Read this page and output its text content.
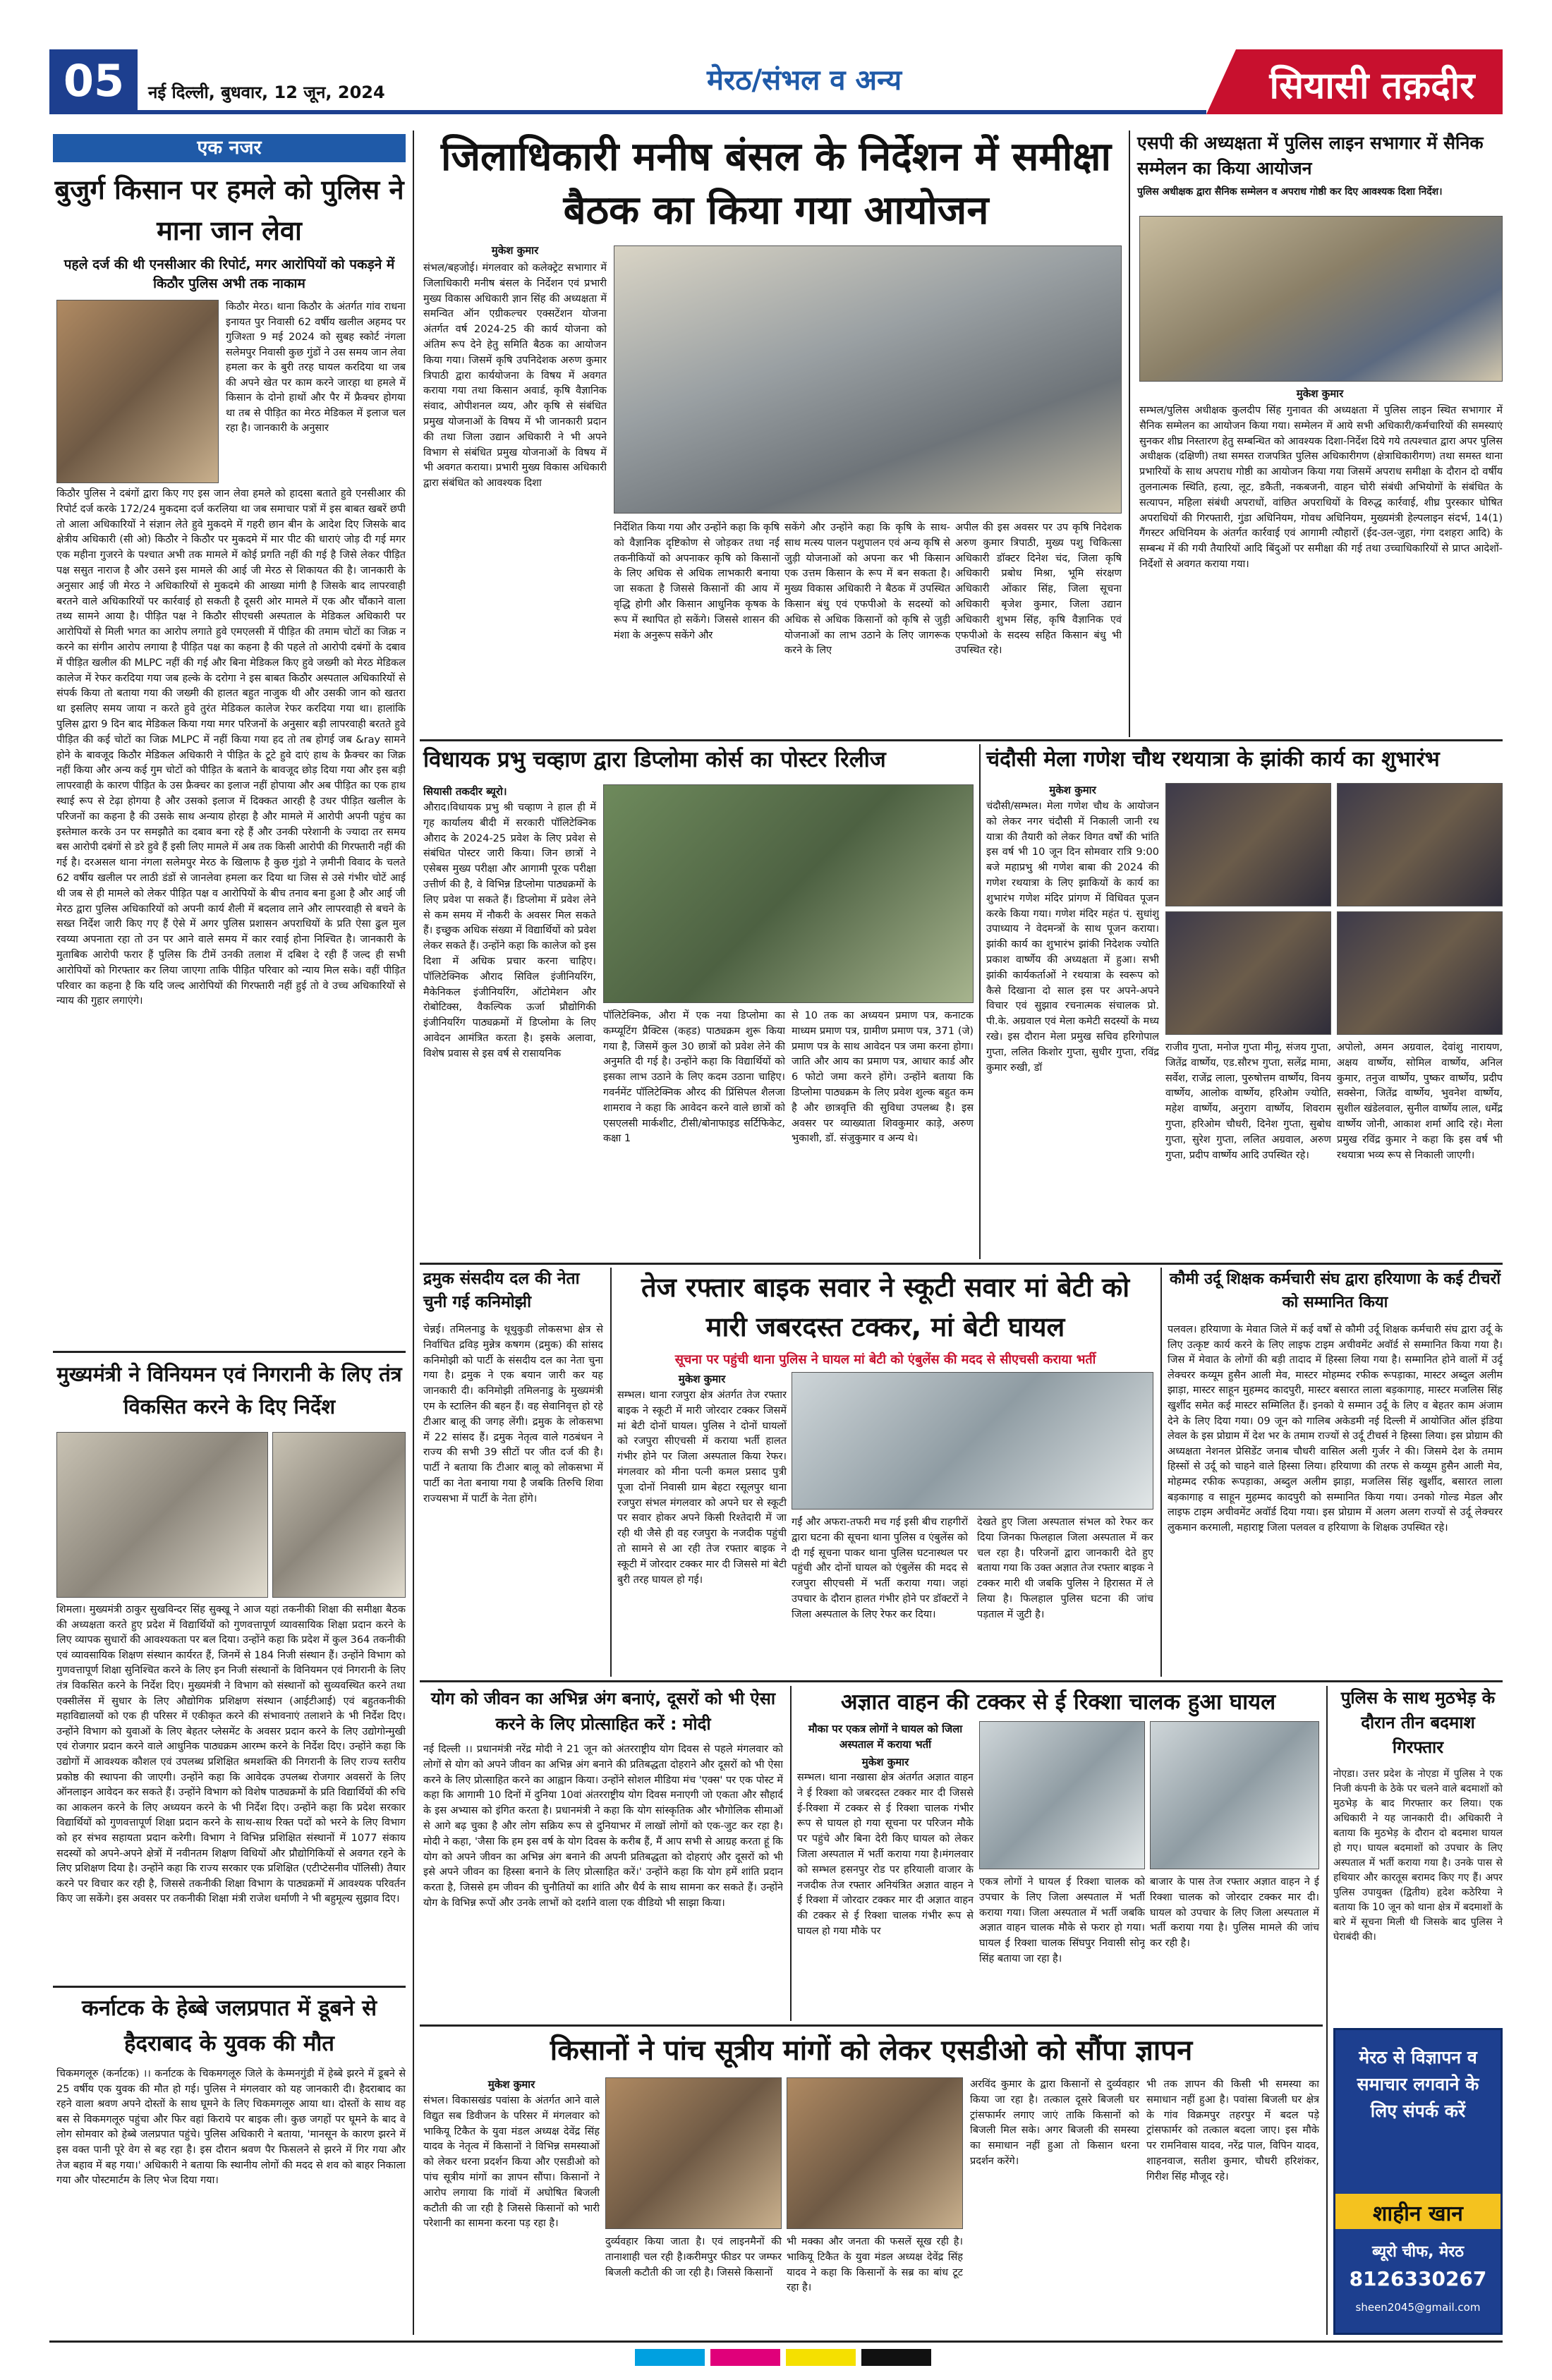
05	नई दिल्ली, बुधवार, 12 जून, 2024	मेरठ/संभल व अन्य	सियासी तक़दीर
एक नजर
बुजुर्ग किसान पर हमले को पुलिस ने माना जान लेवा
पहले दर्ज की थी एनसीआर की रिपोर्ट, मगर आरोपियों को पकड़ने में किठौर पुलिस अभी तक नाकाम
किठौर मेरठ। थाना किठौर के अंतर्गत गांव राधना इनायत पुर निवासी 62 वर्षीय खलील अहमद पर गुजिश्ता 9 मई 2024 को सुबह स्कोर्ट नंगला सलेमपुर निवासी कुछ गुंडों ने उस समय जान लेवा हमला कर के बुरी तरह घायल करदिया था जब की अपने खेत पर काम करने जारहा था हमले में किसान के दोनो हाथों और पैर में फ्रैक्चर होगया था तब से पीड़ित का मेरठ मेडिकल में इलाज चल रहा है। जानकारी के अनुसार
किठौर पुलिस ने दबंगों द्वारा किए गए इस जान लेवा हमले को हादसा बताते हुवे एनसीआर की रिपोर्ट दर्ज करके 172/24 मुकदमा दर्ज करलिया था जब समाचार पत्रों में इस बाबत खबरें छपी तो आला अधिकारियों ने संज्ञान लेते हुवे मुकदमे में गहरी छान बीन के आदेश दिए जिसके बाद क्षेत्रीय अधिकारी (सी ओ) किठौर ने किठौर पर मुकदमे में मार पीट की धाराएं जोड़ दी गई मगर एक महीना गुजरने के पश्चात अभी तक मामले में कोई प्रगति नहीं की गई है जिसे लेकर पीड़ित पक्ष ससुत नाराज है और उसने इस मामले की आई जी मेरठ से शिकायत की है। जानकारी के अनुसार आई जी मेरठ ने अधिकारियों से मुकदमे की आख्या मांगी है जिसके बाद लापरवाही बरतने वाले अधिकारियों पर कार्रवाई हो सकती है दूसरी ओर मामले में एक और चौंकाने वाला तथ्य सामने आया है। पीड़ित पक्ष ने किठौर सीएचसी अस्पताल के मेडिकल अधिकारी पर आरोपियों से मिली भगत का आरोप लगाते हुवे एमएलसी में पीड़ित की तमाम चोटों का जिक्र न करने का संगीन आरोप लगाया है पीड़ित पक्ष का कहना है की पहले तो आरोपी दबंगों के दबाव में पीड़ित खलील की MLPC नहीं की गई और बिना मेडिकल किए हुवे जख्मी को मेरठ मेडिकल कालेज में रेफर करदिया गया जब हल्के के दरोगा ने इस बाबत किठौर अस्पताल अधिकारियों से संपर्क किया तो बताया गया की जख्मी की हालत बहुत नाजुक थी और उसकी जान को खतरा था इसलिए समय जाया न करते हुवे तुरंत मेडिकल कालेज रेफर करदिया गया था। हालांकि पुलिस द्वारा 9 दिन बाद मेडिकल किया गया मगर परिजनों के अनुसार बड़ी लापरवाही बरतते हुवे पीड़ित की कई चोटों का जिक्र MLPC में नहीं किया गया हद तो तब होगई जब &ray सामने होने के बावजूद किठौर मेडिकल अधिकारी ने पीड़ित के टूटे हुवे दाएं हाथ के फ्रैक्चर का जिक्र नहीं किया और अन्य कई गुम चोटों को पीड़ित के बताने के बावजूद छोड़ दिया गया और इस बड़ी लापरवाही के कारण पीड़ित के उस फ्रैक्चर का इलाज नहीं होपाया और अब पीड़ित का एक हाथ स्थाई रूप से टेढ़ा होगया है और उसको इलाज में दिक्कत आरही है उधर पीड़ित खलील के परिजनों का कहना है की उसके साथ अन्याय होरहा है और मामले में आरोपी अपनी पहुंच का इस्तेमाल करके उन पर समझौते का दबाव बना रहे हैं और उनकी परेशानी के ज्यादा तर समय बस आरोपी दबंगों से डरे हुवे हैं इसी लिए मामले में अब तक किसी आरोपी की गिरफ्तारी नहीं की गई है। दरअसल थाना नंगला सलेमपुर मेरठ के खिलाफ है कुछ गुंडो ने ज़मीनी विवाद के चलते 62 वर्षीय खलील पर लाठी डंडों से जानलेवा हमला कर दिया था जिस से उसे गंभीर चोटें आई थी जब से ही मामले को लेकर पीड़ित पक्ष व आरोपियों के बीच तनाव बना हुआ है और आई जी मेरठ द्वारा पुलिस अधिकारियों को अपनी कार्य शैली में बदलाव लाने और लापरवाही से बचने के सख्त निर्देश जारी किए गए हैं ऐसे में अगर पुलिस प्रशासन अपराधियों के प्रति ऐसा ढुल मुल रवय्या अपनाता रहा तो उन पर आने वाले समय में कार रवाई होना निश्चित है। जानकारी के मुताबिक आरोपी फरार हैं पुलिस कि टीमें उनकी तलाश में दबिश दे रही हैं जल्द ही सभी आरोपियों को गिरफ्तार कर लिया जाएगा ताकि पीड़ित परिवार को न्याय मिल सके। वहीं पीड़ित परिवार का कहना है कि यदि जल्द आरोपियों की गिरफ्तारी नहीं हुई तो वे उच्च अधिकारियों से न्याय की गुहार लगाएंगे।
मुख्यमंत्री ने विनियमन एवं निगरानी के लिए तंत्र विकसित करने के दिए निर्देश
शिमला। मुख्यमंत्री ठाकुर सुखविन्दर सिंह सुक्खू ने आज यहां तकनीकी शिक्षा की समीक्षा बैठक की अध्यक्षता करते हुए प्रदेश में विद्यार्थियों को गुणवत्तापूर्ण व्यावसायिक शिक्षा प्रदान करने के लिए व्यापक सुधारों की आवश्यकता पर बल दिया। उन्होंने कहा कि प्रदेश में कुल 364 तकनीकी एवं व्यावसायिक शिक्षण संस्थान कार्यरत हैं, जिनमें से 184 निजी संस्थान हैं। उन्होंने विभाग को गुणवत्तापूर्ण शिक्षा सुनिश्चित करने के लिए इन निजी संस्थानों के विनियमन एवं निगरानी के लिए तंत्र विकसित करने के निर्देश दिए। मुख्यमंत्री ने विभाग को संस्थानों को सुव्यवस्थित करने तथा एक्सीलेंस में सुधार के लिए औद्योगिक प्रशिक्षण संस्थान (आईटीआई) एवं बहुतकनीकी महाविद्यालयों को एक ही परिसर में एकीकृत करने की संभावनाएं तलाशने के भी निर्देश दिए। उन्होंने विभाग को युवाओं के लिए बेहतर प्लेसमेंट के अवसर प्रदान करने के लिए उद्योगोन्मुखी एवं रोजगार प्रदान करने वाले आधुनिक पाठ्यक्रम आरम्भ करने के निर्देश दिए। उन्होंने कहा कि उद्योगों में आवश्यक कौशल एवं उपलब्ध प्रशिक्षित श्रमशक्ति की निगरानी के लिए राज्य स्तरीय प्रकोष्ठ की स्थापना की जाएगी। उन्होंने कहा कि आवेदक उपलब्ध रोजगार अवसरों के लिए ऑनलाइन आवेदन कर सकते हैं। उन्होंने विभाग को विशेष पाठ्यक्रमों के प्रति विद्यार्थियों की रुचि का आकलन करने के लिए अध्ययन करने के भी निर्देश दिए। उन्होंने कहा कि प्रदेश सरकार विद्यार्थियों को गुणवत्तापूर्ण शिक्षा प्रदान करने के साथ-साथ रिक्त पदों को भरने के लिए विभाग को हर संभव सहायता प्रदान करेगी। विभाग ने विभिन्न प्रशिक्षित संस्थानों में 1077 संकाय सदस्यों को अपने-अपने क्षेत्रों में नवीनतम शिक्षण विधियों और प्रौद्योगिकियों से अवगत रहने के लिए प्रशिक्षण दिया है। उन्होंने कहा कि राज्य सरकार एक प्रशिक्षित (एटीप्टेसनीव पॉलिसी) तैयार करने पर विचार कर रही है, जिससे तकनीकी शिक्षा विभाग के पाठ्यक्रमों में आवश्यक परिवर्तन किए जा सकेंगे। इस अवसर पर तकनीकी शिक्षा मंत्री राजेश धर्माणी ने भी बहुमूल्य सुझाव दिए।
कर्नाटक के हेब्बे जलप्रपात में डूबने से हैदराबाद के युवक की मौत
चिकमगलूरु (कर्नाटक) ।। कर्नाटक के चिकमगलूरु जिले के केम्मनगुंडी में हेब्बे झरने में डूबने से 25 वर्षीय एक युवक की मौत हो गई। पुलिस ने मंगलवार को यह जानकारी दी। हैदराबाद का रहने वाला श्रवण अपने दोस्तों के साथ घूमने के लिए चिकमगलूरु आया था। दोस्तों के साथ वह बस से विकमगलूरु पहुंचा और फिर वहां किराये पर बाइक ली। कुछ जगहों पर घूमने के बाद वे लोग सोमवार को हेब्बे जलप्रपात पहुंचे। पुलिस अधिकारी ने बताया, 'मानसून के कारण झरने में इस वक्त पानी पूरे वेग से बह रहा है। इस दौरान श्रवण पैर फिसलने से झरने में गिर गया और तेज बहाव में बह गया।' अधिकारी ने बताया कि स्थानीय लोगों की मदद से शव को बाहर निकाला गया और पोस्टमार्टम के लिए भेज दिया गया।
जिलाधिकारी मनीष बंसल के निर्देशन में समीक्षा बैठक का किया गया आयोजन
मुकेश कुमार
संभल/बहजोई। मंगलवार को कलेक्ट्रेट सभागार में जिलाधिकारी मनीष बंसल के निर्देशन एवं प्रभारी मुख्य विकास अधिकारी ज्ञान सिंह की अध्यक्षता में समन्वित ऑन एग्रीकल्चर एक्सटेंशन योजना अंतर्गत वर्ष 2024-25 की कार्य योजना को अंतिम रूप देने हेतु समिति बैठक का आयोजन किया गया। जिसमें कृषि उपनिदेशक अरुण कुमार त्रिपाठी द्वारा कार्ययोजना के विषय में अवगत कराया गया तथा किसान अवार्ड, कृषि वैज्ञानिक संवाद, ओपीशनल व्यय, और कृषि से संबंधित प्रमुख योजनाओं के विषय में भी जानकारी प्रदान की तथा जिला उद्यान अधिकारी ने भी अपने विभाग से संबंधित प्रमुख योजनाओं के विषय में भी अवगत कराया। प्रभारी मुख्य विकास अधिकारी द्वारा संबंधित को आवश्यक दिशा
निर्देशित किया गया और उन्होंने कहा कि कृषि को वैज्ञानिक दृष्टिकोण से जोड़कर तथा नई तकनीकियों को अपनाकर कृषि को किसानों के लिए अधिक से अधिक लाभकारी बनाया जा सकता है जिससे किसानों की आय में वृद्धि होगी और किसान आधुनिक कृषक के रूप में स्थापित हो सकेंगे। जिससे शासन की मंशा के अनुरूप सकेंगे और
सकेंगे और उन्होंने कहा कि कृषि के साथ-साथ मत्स्य पालन पशुपालन एवं अन्य कृषि से जुड़ी योजनाओं को अपना कर भी किसान एक उत्तम किसान के रूप में बन सकता है। मुख्य विकास अधिकारी ने बैठक में उपस्थित किसान बंधु एवं एफपीओ के सदस्यों को अधिक से अधिक किसानों को कृषि से जुड़ी योजनाओं का लाभ उठाने के लिए जागरूक करने के लिए
अपील की इस अवसर पर उप कृषि निदेशक अरुण कुमार त्रिपाठी, मुख्य पशु चिकित्सा अधिकारी डॉक्टर दिनेश चंद, जिला कृषि अधिकारी प्रबोध मिश्रा, भूमि संरक्षण अधिकारी ओंकार सिंह, जिला सूचना अधिकारी बृजेश कुमार, जिला उद्यान अधिकारी शुभम सिंह, कृषि वैज्ञानिक एवं एफपीओ के सदस्य सहित किसान बंधु भी उपस्थित रहे।
एसपी की अध्यक्षता में पुलिस लाइन सभागार में सैनिक सम्मेलन का किया आयोजन
पुलिस अधीक्षक द्वारा सैनिक सम्मेलन व अपराध गोष्ठी कर दिए आवश्यक दिशा निर्देश।
मुकेश कुमार
सम्भल/पुलिस अधीक्षक कुलदीप सिंह गुनावत की अध्यक्षता में पुलिस लाइन स्थित सभागार में सैनिक सम्मेलन का आयोजन किया गया। सम्मेलन में आये सभी अधिकारी/कर्मचारियों की समस्याएं सुनकर शीघ्र निस्तारण हेतु सम्बन्धित को आवश्यक दिशा-निर्देश दिये गये तत्पश्चात द्वारा अपर पुलिस अधीक्षक (दक्षिणी) तथा समस्त राजपत्रित पुलिस अधिकारीगण (क्षेत्राधिकारीगण) तथा समस्त थाना प्रभारियों के साथ अपराध गोष्ठी का आयोजन किया गया जिसमें अपराध समीक्षा के दौरान दो वर्षीय तुलनात्मक स्थिति, हत्या, लूट, डकैती, नकबजनी, वाहन चोरी संबंधी अभियोगों के संबंधित के सत्यापन, महिला संबंधी अपराधों, वांछित अपराधियों के विरुद्ध कार्रवाई, शीघ्र पुरस्कार घोषित अपराधियों की गिरफ्तारी, गुंडा अधिनियम, गोवध अधिनियम, मुख्यमंत्री हेल्पलाइन संदर्भ, 14(1) गैंगस्टर अधिनियम के अंतर्गत कार्रवाई एवं आगामी त्यौहारों (ईद-उल-जुहा, गंगा दशहरा आदि) के सम्बन्ध में की गयी तैयारियों आदि बिंदुओं पर समीक्षा की गई तथा उच्चाधिकारियों से प्राप्त आदेशों-निर्देशों से अवगत कराया गया।
विधायक प्रभु चव्हाण द्वारा डिप्लोमा कोर्स का पोस्टर रिलीज
सियासी तकदीर ब्यूरो।
औराद।विधायक प्रभु श्री चव्हाण ने हाल ही में गृह कार्यालय बीदी में सरकारी पॉलिटेक्निक औराद के 2024-25 प्रवेश के लिए प्रवेश से संबंधित पोस्टर जारी किया। जिन छात्रों ने एसेबस मुख्य परीक्षा और आगामी पूरक परीक्षा उत्तीर्ण की है, वे विभिन्न डिप्लोमा पाठ्यक्रमों के लिए प्रवेश पा सकते हैं। डिप्लोमा में प्रवेश लेने से कम समय में नौकरी के अवसर मिल सकते हैं। इच्छुक अधिक संख्या में विद्यार्थियों को प्रवेश लेकर सकते हैं। उन्होंने कहा कि कालेज को इस दिशा में अधिक प्रचार करना चाहिए। पॉलिटेक्निक औराद सिविल इंजीनियरिंग, मैकेनिकल इंजीनियरिंग, ऑटोमेशन और रोबोटिक्स, वैकल्पिक ऊर्जा प्रौद्योगिकी इंजीनियरिंग पाठ्यक्रमों में डिप्लोमा के लिए आवेदन आमंत्रित करता है। इसके अलावा, विशेष प्रवास से इस वर्ष से रासायनिक
पॉलिटेक्निक, औरा में एक नया डिप्लोमा का कम्प्यूटिंग प्रैक्टिस (कहड) पाठ्यक्रम शुरू किया गया है, जिसमें कुल 30 छात्रों को प्रवेश लेने की अनुमति दी गई है। उन्होंने कहा कि विद्यार्थियों को इसका लाभ उठाने के लिए कदम उठाना चाहिए। गवर्नमेंट पॉलिटेक्निक औरद की प्रिंसिपल शैलजा शामराव ने कहा कि आवेदन करने वाले छात्रों को एसएलसी मार्कशीट, टीसी/बोनाफाइड सर्टिफिकेट, कक्षा 1
से 10 तक का अध्ययन प्रमाण पत्र, कनाटक माध्यम प्रमाण पत्र, ग्रामीण प्रमाण पत्र, 371 (जे) प्रमाण पत्र के साथ आवेदन पत्र जमा करना होगा। जाति और आय का प्रमाण पत्र, आधार कार्ड और 6 फोटो जमा करने होंगे। उन्होंने बताया कि डिप्लोमा पाठ्यक्रम के लिए प्रवेश शुल्क बहुत कम है और छात्रवृत्ति की सुविधा उपलब्ध है। इस अवसर पर व्याख्याता शिवकुमार काड़े, अरुण भुकाशी, डॉ. संजुकुमार व अन्य थे।
चंदौसी मेला गणेश चौथ रथयात्रा के झांकी कार्य का शुभारंभ
मुकेश कुमार
चंदौसी/सम्भल। मेला गणेश चौथ के आयोजन को लेकर नगर चंदौसी में निकाली जानी रथ यात्रा की तैयारी को लेकर विगत वर्षों की भांति इस वर्ष भी 10 जून दिन सोमवार रात्रि 9:00 बजे महाप्रभु श्री गणेश बाबा की 2024 की गणेश रथयात्रा के लिए झाकियों के कार्य का शुभारंभ गणेश मंदिर प्रांगण में विधिवत पूजन करके किया गया। गणेश मंदिर महंत पं. सुधांशु उपाध्याय ने वेदमन्त्रों के साथ पूजन कराया। झांकी कार्य का शुभारंभ झांकी निदेशक ज्योति प्रकाश वार्ष्णेय की अध्यक्षता में हुआ। सभी झांकी कार्यकर्ताओं ने रथयात्रा के स्वरूप को कैसे दिखाना दो साल इस पर अपने-अपने विचार एवं सुझाव रचनात्मक संचालक प्रो. पी.के. अग्रवाल एवं मेला कमेटी सदस्यों के मध्य रखे। इस दौरान मेला प्रमुख सचिव हरिगोपाल गुप्ता, ललित किशोर गुप्ता, सुधीर गुप्ता, रविंद्र कुमार रुखी, डॉ
राजीव गुप्ता, मनोज गुप्ता मीनू, संजय गुप्ता, जितेंद्र वार्ष्णेय, एड.सौरभ गुप्ता, सलेंद्र मामा, सर्वेश, राजेंद्र लाला, पुरुषोत्तम वार्ष्णेय, विनय वार्ष्णेय, आलोक वार्ष्णेय, हरिओम ज्योति, महेश वार्ष्णेय, अनुराग वार्ष्णेय, शिवराम गुप्ता, हरिओम चौधरी, दिनेश गुप्ता, सुबोध गुप्ता, सुरेश गुप्ता, ललित अग्रवाल, अरुण गुप्ता, प्रदीप वार्ष्णेय आदि उपस्थित रहे।
अपोलो, अमन अग्रवाल, देवांशु नारायण, अक्षय वार्ष्णेय, सोमिल वार्ष्णेय, अनिल कुमार, तनुज वार्ष्णेय, पुष्कर वार्ष्णेय, प्रदीप सक्सेना, जितेंद्र वार्ष्णेय, भुवनेश वार्ष्णेय, सुशील खंडेलवाल, सुनील वार्ष्णेय लाल, धर्मेंद्र वार्ष्णेय जोनी, आकाश शर्मा आदि रहे। मेला प्रमुख रविंद्र कुमार ने कहा कि इस वर्ष भी रथयात्रा भव्य रूप से निकाली जाएगी।
द्रमुक संसदीय दल की नेता चुनी गई कनिमोझी
चेन्नई। तमिलनाडु के थूथुकुडी लोकसभा क्षेत्र से निर्वाचित द्रविड़ मुन्नेत्र कषगम (द्रमुक) की सांसद कनिमोझी को पार्टी के संसदीय दल का नेता चुना गया है। द्रमुक ने एक बयान जारी कर यह जानकारी दी। कनिमोझी तमिलनाडु के मुख्यमंत्री एम के स्टालिन की बहन हैं। वह सेवानिवृत्त हो रहे टीआर बालू की जगह लेंगी। द्रमुक के लोकसभा में 22 सांसद हैं। द्रमुक नेतृत्व वाले गठबंधन ने राज्य की सभी 39 सीटों पर जीत दर्ज की है। पार्टी ने बताया कि टीआर बालू को लोकसभा में पार्टी का नेता बनाया गया है जबकि तिरुचि शिवा राज्यसभा में पार्टी के नेता होंगे।
तेज रफ्तार बाइक सवार ने स्कूटी सवार मां बेटी को मारी जबरदस्त टक्कर, मां बेटी घायल
सूचना पर पहुंची थाना पुलिस ने घायल मां बेटी को एंबुलेंस की मदद से सीएचसी कराया भर्ती
मुकेश कुमार
सम्भल। थाना रजपुरा क्षेत्र अंतर्गत तेज रफ्तार बाइक ने स्कूटी में मारी जोरदार टक्कर जिसमें मां बेटी दोनों घायल। पुलिस ने दोनों घायलों को रजपुरा सीएचसी में कराया भर्ती हालत गंभीर होने पर जिला अस्पताल किया रेफर।मंगलवार को मीना पत्नी कमल प्रसाद पुत्री पूजा दोनों निवासी ग्राम बेहटा रसूलपुर थाना रजपुरा संभल मंगलवार को अपने घर से स्कूटी पर सवार होकर अपने किसी रिश्तेदारी में जा रही थी जैसे ही वह रजपुरा के नजदीक पहुंची तो सामने से आ रही तेज रफ्तार बाइक ने स्कूटी में जोरदार टक्कर मार दी जिससे मां बेटी बुरी तरह घायल हो गई।
गईं और अफरा-तफरी मच गई इसी बीच राहगीरों द्वारा घटना की सूचना थाना पुलिस व एंबुलेंस को दी गई सूचना पाकर थाना पुलिस घटनास्थल पर पहुंची और दोनों घायल को एंबुलेंस की मदद से रजपुरा सीएचसी में भर्ती कराया गया। जहां उपचार के दौरान हालत गंभीर होने पर डॉक्टरों ने जिला अस्पताल के लिए रेफर कर दिया।
देखते हुए जिला अस्पताल संभल को रेफर कर दिया जिनका फिलहाल जिला अस्पताल में कर चल रहा है। परिजनों द्वारा जानकारी देते हुए बताया गया कि उक्त अज्ञात तेज रफ्तार बाइक ने टक्कर मारी थी जबकि पुलिस ने हिरासत में ले लिया है। फिलहाल पुलिस घटना की जांच पड़ताल में जुटी है।
कौमी उर्दू शिक्षक कर्मचारी संघ द्वारा हरियाणा के कई टीचरों को सम्मानित किया
पलवल। हरियाणा के मेवात जिले में कई वर्षों से कौमी उर्दू शिक्षक कर्मचारी संघ द्वारा उर्दू के लिए उत्कृष्ट कार्य करने के लिए लाइफ टाइम अचीवमेंट अवॉर्ड से सम्मानित किया गया है। जिस में मेवात के लोगों की बड़ी तादाद में हिस्सा लिया गया है। सम्मानित होने वालों में उर्दू लेक्चरर कय्यूम हुसैन आली मेव, मास्टर मोहम्मद रफीक रूपड़ाका, मास्टर अब्दुल अलीम झाड़ा, मास्टर साहून मुहम्मद कादपुरी, मास्टर बसारत लाला बड़कागाह, मास्टर मजलिस सिंह खुर्शीद समेत कई मास्टर सम्मिलित हैं। इनको ये सम्मान उर्दू के लिए व बेहतर काम अंजाम देने के लिए दिया गया। 09 जून को गालिब अकेडमी नई दिल्ली में आयोजित ऑल इंडिया लेवल के इस प्रोग्राम में देश भर के तमाम राज्यों से उर्दू टीचर्स ने हिस्सा लिया। इस प्रोग्राम की अध्यक्षता नेशनल प्रेसिडेंट जनाब चौधरी वासिल अली गुर्जर ने की। जिसमे देश के तमाम हिस्सों से उर्दू को चाहने वाले हिस्सा लिया। हरियाणा की तरफ से कय्यूम हुसैन आली मेव, मोहम्मद रफीक रूपड़ाका, अब्दुल अलीम झाड़ा, मजलिस सिंह खुर्शीद, बसारत लाला बड़कागाह व साहून मुहम्मद कादपुरी को सम्मानित किया गया। उनको गोल्ड मेडल और लाइफ टाइम अचीवमेंट अवॉर्ड दिया गया। इस प्रोग्राम में अलग अलग राज्यों से उर्दू लेक्चरर लुकमान करमाली, महाराष्ट्र जिला पलवल व हरियाणा के शिक्षक उपस्थित रहे।
योग को जीवन का अभिन्न अंग बनाएं, दूसरों को भी ऐसा करने के लिए प्रोत्साहित करें : मोदी
नई दिल्ली ।। प्रधानमंत्री नरेंद्र मोदी ने 21 जून को अंतरराष्ट्रीय योग दिवस से पहले मंगलवार को लोगों से योग को अपने जीवन का अभिन्न अंग बनाने की प्रतिबद्धता दोहराने और दूसरों को भी ऐसा करने के लिए प्रोत्साहित करने का आह्वान किया। उन्होंने सोशल मीडिया मंच 'एक्स' पर एक पोस्ट में कहा कि आगामी 10 दिनों में दुनिया 10वां अंतरराष्ट्रीय योग दिवस मनाएगी जो एकता और सौहार्द के इस अभ्यास को इंगित करता है। प्रधानमंत्री ने कहा कि योग सांस्कृतिक और भौगोलिक सीमाओं से आगे बढ़ चुका है और लोग सक्रिय रूप से दुनियाभर में लाखों लोगों को एक-जुट कर रहा है। मोदी ने कहा, 'जैसा कि हम इस वर्ष के योग दिवस के करीब हैं, मैं आप सभी से आग्रह करता हूं कि योग को अपने जीवन का अभिन्न अंग बनाने की अपनी प्रतिबद्धता को दोहराएं और दूसरों को भी इसे अपने जीवन का हिस्सा बनाने के लिए प्रोत्साहित करें।' उन्होंने कहा कि योग हमें शांति प्रदान करता है, जिससे हम जीवन की चुनौतियों का शांति और धैर्य के साथ सामना कर सकते हैं। उन्होंने योग के विभिन्न रूपों और उनके लाभों को दर्शाने वाला एक वीडियो भी साझा किया।
अज्ञात वाहन की टक्कर से ई रिक्शा चालक हुआ घायल
मौका पर एकत्र लोगों ने घायल को जिला अस्पताल में कराया भर्ती
मुकेश कुमार
सम्भल। थाना नखासा क्षेत्र अंतर्गत अज्ञात वाहन ने ई रिक्शा को जबरदस्त टक्कर मार दी जिससे ई-रिक्शा में टक्कर से ई रिक्शा चालक गंभीर रूप से घायल हो गया सूचना पर परिजन मौके पर पहुंचे और बिना देरी किए घायल को लेकर जिला अस्पताल में भर्ती कराया गया है।मंगलवार को सम्भल हसनपुर रोड पर हरियाली वाजार के नजदीक तेज रफ्तार अनियंत्रित अज्ञात वाहन ने ई रिक्शा में जोरदार टक्कर मार दी अज्ञात वाहन की टक्कर से ई रिक्शा चालक गंभीर रूप से घायल हो गया मौके पर
एकत्र लोगों ने घायल ई रिक्शा चालक को उपचार के लिए जिला अस्पताल में भर्ती कराया गया। जिला अस्पताल में भर्ती जबकि अज्ञात वाहन चालक मौके से फरार हो गया। घायल ई रिक्शा चालक सिंघपुर निवासी सोनू सिंह बताया जा रहा है।
बाजार के पास तेज रफ्तार अज्ञात वाहन ने ई रिक्शा चालक को जोरदार टक्कर मार दी। घायल को उपचार के लिए जिला अस्पताल में भर्ती कराया गया है। पुलिस मामले की जांच कर रही है।
पुलिस के साथ मुठभेड़ के दौरान तीन बदमाश गिरफ्तार
नोएडा। उत्तर प्रदेश के नोएडा में पुलिस ने एक निजी कंपनी के ठेके पर चलने वाले बदमाशों को मुठभेड़ के बाद गिरफ्तार कर लिया। एक अधिकारी ने यह जानकारी दी। अधिकारी ने बताया कि मुठभेड़ के दौरान दो बदमाश घायल हो गए। घायल बदमाशों को उपचार के लिए अस्पताल में भर्ती कराया गया है। उनके पास से हथियार और कारतूस बरामद किए गए हैं। अपर पुलिस उपायुक्त (द्वितीय) हृदेश कठेरिया ने बताया कि 10 जून को थाना क्षेत्र में बदमाशों के बारे में सूचना मिली थी जिसके बाद पुलिस ने घेराबंदी की।
किसानों ने पांच सूत्रीय मांगों को लेकर एसडीओ को सौंपा ज्ञापन
मुकेश कुमार
संभल। विकासखंड पवांसा के अंतर्गत आने वाले विद्युत सब डिवीजन के परिसर में मंगलवार को भाकियू टिकैत के युवा मंडल अध्यक्ष देवेंद्र सिंह यादव के नेतृत्व में किसानों ने विभिन्न समस्याओं को लेकर धरना प्रदर्शन किया और एसडीओ को पांच सूत्रीय मांगों का ज्ञापन सौंपा। किसानों ने आरोप लगाया कि गांवों में अघोषित बिजली कटौती की जा रही है जिससे किसानों को भारी परेशानी का सामना करना पड़ रहा है।
दुर्व्यवहार किया जाता है। एवं लाइनमैनों की तानाशाही चल रही है।करीमपुर फीडर पर जम्फर बिजली कटौती की जा रही है। जिससे किसानों
भी मक्का और जनता की फसलें सूख रही है। भाकियू टिकैत के युवा मंडल अध्यक्ष देवेंद्र सिंह यादव ने कहा कि किसानों के सब्र का बांध टूट रहा है।
अरविंद कुमार के द्वारा किसानों से दुर्व्यवहार किया जा रहा है। तत्काल दूसरे बिजली घर ट्रांसफार्मर लगाए जाएं ताकि किसानों को बिजली मिल सके। अगर बिजली की समस्या का समाधान नहीं हुआ तो किसान धरना प्रदर्शन करेंगे।
भी तक ज्ञापन की किसी भी समस्या का समाधान नहीं हुआ है। पवांसा बिजली घर क्षेत्र के गांव विक्रमपुर तहरपुर में बदल पड़े ट्रांसफार्मर को तत्काल बदला जाए। इस मौके पर रामनिवास यादव, नरेंद्र पाल, विपिन यादव, शाहनवाज, सतीश कुमार, चौधरी हरिशंकर, गिरीश सिंह मौजूद रहे।
मेरठ से विज्ञापन व समाचार लगवाने के लिए संपर्क करें
शाहीन खान
ब्यूरो चीफ, मेरठ
8126330267
sheen2045@gmail.com
